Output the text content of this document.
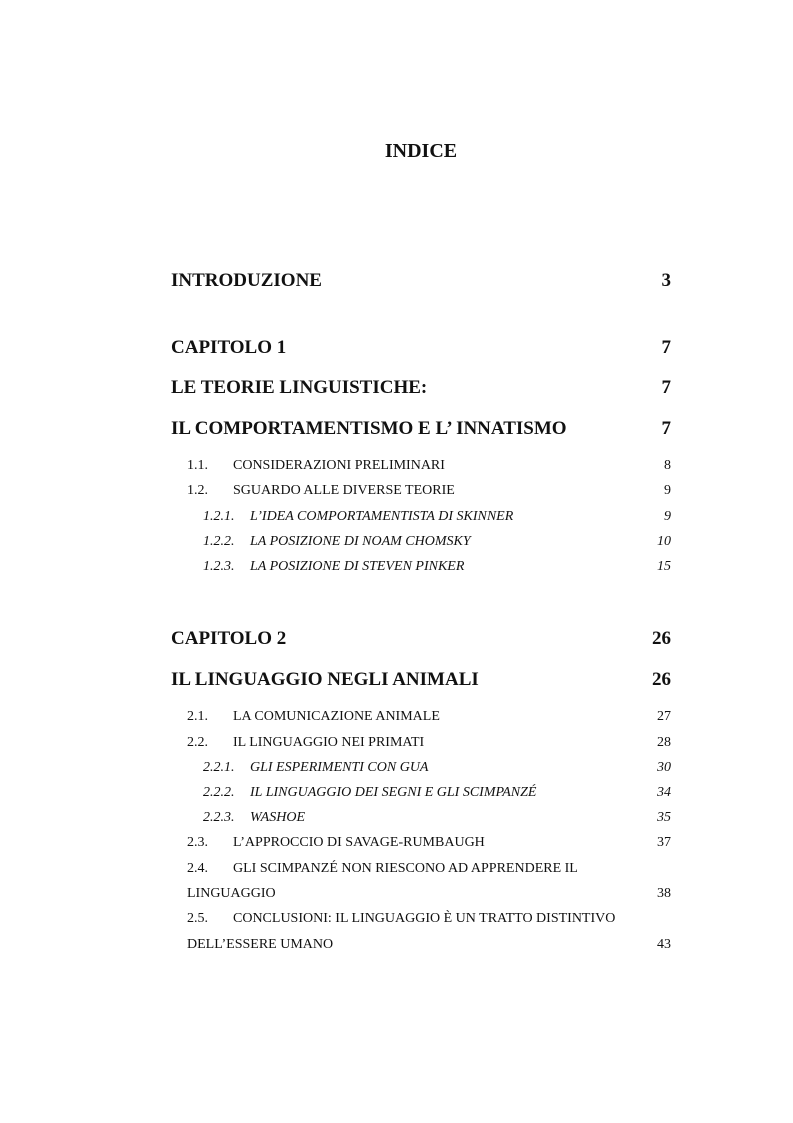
INDICE
INTRODUZIONE	3
CAPITOLO 1	7
LE TEORIE LINGUISTICHE:	7
IL COMPORTAMENTISMO E L’ INNATISMO	7
1.1. CONSIDERAZIONI PRELIMINARI	8
1.2. SGUARDO ALLE DIVERSE TEORIE	9
1.2.1. L’IDEA COMPORTAMENTISTA DI SKINNER	9
1.2.2. LA POSIZIONE DI NOAM CHOMSKY	10
1.2.3. LA POSIZIONE DI STEVEN PINKER	15
CAPITOLO 2	26
IL LINGUAGGIO NEGLI ANIMALI	26
2.1. LA COMUNICAZIONE ANIMALE	27
2.2. IL LINGUAGGIO NEI PRIMATI	28
2.2.1. GLI ESPERIMENTI CON GUA	30
2.2.2. IL LINGUAGGIO DEI SEGNI E GLI SCIMPANZÉ	34
2.2.3. WASHOE	35
2.3. L’APPROCCIO DI SAVAGE-RUMBAUGH	37
2.4. GLI SCIMPANZÉ NON RIESCONO AD APPRENDERE IL
LINGUAGGIO	38
2.5. CONCLUSIONI: IL LINGUAGGIO È UN TRATTO DISTINTIVO
DELL’ESSERE UMANO	43
